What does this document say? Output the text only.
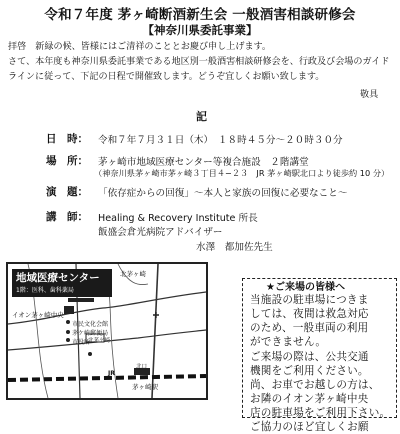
令和７年度 茅ヶ崎断酒新生会 一般酒害相談研修会
【神奈川県委託事業】
拝啓　新緑の候、皆様にはご清祥のこととお慶び申し上げます。
さて、本年度も神奈川県委託事業である地区別一般酒害相談研修会を、行政及び会場のガイド
ラインに従って、下記の日程で開催致します。どうぞ宜しくお願い致します。
敬具
記
日　時： 令和７年７月３１日（木）　１８時４５分～２０時３０分
場　所： 茅ヶ崎市地域医療センター等複合施設　２階講堂
（神奈川県茅ヶ崎市茅ヶ崎３丁目４−２３　JR 茅ヶ崎駅北口より徒歩約 10 分）
演　題： 「依存症からの回復」～本人と家族の回復に必要なこと～
講　師： Healing & Recovery Institute 所長
飯盛会倉光病院アドバイザー
水澤　都加佐先生
地域医療センター
1階：医科、歯科薬局
北茅ヶ崎
イオン茅ヶ崎中央
市民文化会館
茅ケ崎郵便局
市役所
北茅ケ崎
茅ヶ崎駅
JR
北口
★ご来場の皆様へ
当施設の駐車場につきま
しては、夜間は救急対応
のため、一般車両の利用
ができません。
ご来場の際は、公共交通
機関をご利用ください。
尚、お車でお越しの方は、
お隣のイオン茅ヶ崎中央
店の駐車場をご利用下さい。
ご協力のほど宜しくお願
